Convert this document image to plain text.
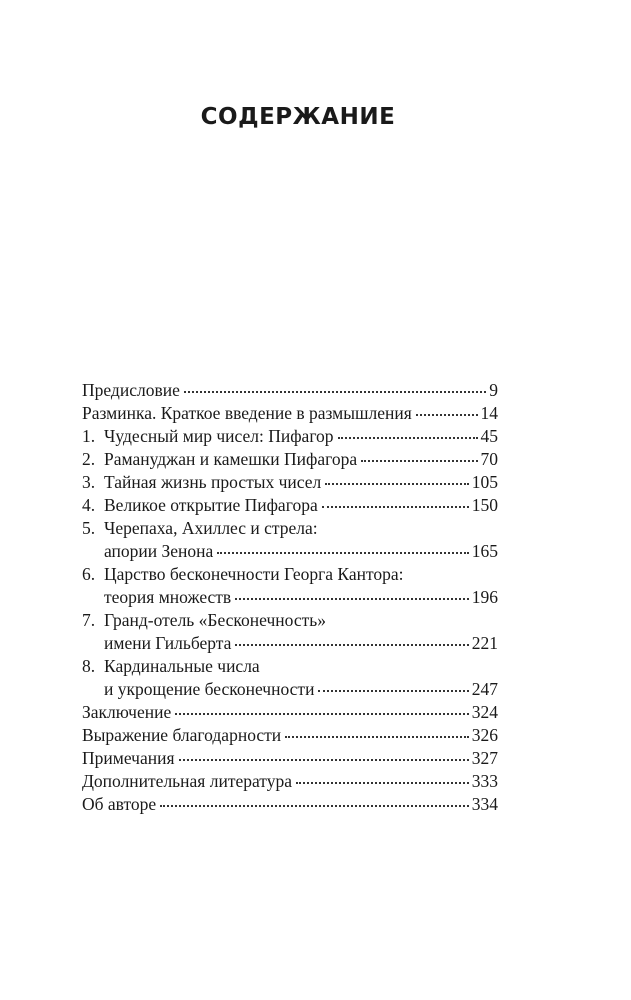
СОДЕРЖАНИЕ
Предисловие	9
Разминка. Краткое введение в размышления	14
1. Чудесный мир чисел: Пифагор	45
2. Рамануджан и камешки Пифагора	70
3. Тайная жизнь простых чисел	105
4. Великое открытие Пифагора	150
5. Черепаха, Ахиллес и стрела:
апории Зенона	165
6. Царство бесконечности Георга Кантора:
теория множеств	196
7. Гранд-отель «Бесконечность»
имени Гильберта	221
8. Кардинальные числа
и укрощение бесконечности	247
Заключение	324
Выражение благодарности	326
Примечания	327
Дополнительная литература	333
Об авторе	334
